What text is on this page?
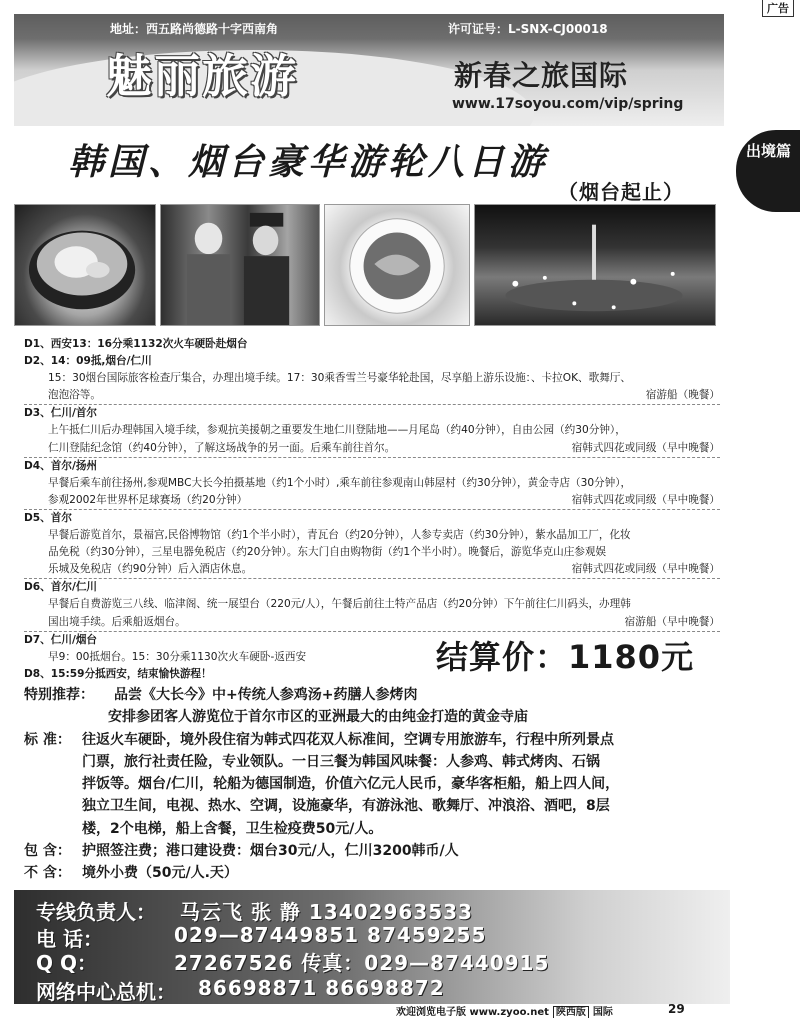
广告
地址：西五路尚德路十字西南角	许可证号：L-SNX-CJ00018
魅丽旅游	新春之旅国际
www.17soyou.com/vip/spring
出境篇
韩国、烟台豪华游轮八日游
（烟台起止）
D1、西安13：16分乘1132次火车硬卧赴烟台
D2、14：09抵,烟台/仁川
15：30烟台国际旅客检查厅集合，办理出境手续。17：30乘香雪兰号豪华轮赴国，尽享船上游乐设施：、卡拉OK、歌舞厅、
泡泡浴等。	宿游船（晚餐）
D3、仁川/首尔
上午抵仁川后办理韩国入境手续，参观抗美援朝之重要发生地仁川登陆地——月尾岛（约40分钟），自由公园（约30分钟），
仁川登陆纪念馆（约40分钟），了解这场战争的另一面。后乘车前往首尔。	宿韩式四花或同级（早中晚餐）
D4、首尔/扬州
早餐后乘车前往扬州,参观MBC大长今拍摄基地（约1个小时）,乘车前往参观南山韩屋村（约30分钟），黄金寺店（30分钟），
参观2002年世界杯足球赛场（约20分钟）	宿韩式四花或同级（早中晚餐）
D5、首尔
早餐后游览首尔，景福宫,民俗博物馆（约1个半小时），青瓦台（约20分钟），人参专卖店（约30分钟），紫水晶加工厂，化妆
品免税（约30分钟），三星电器免税店（约20分钟）。东大门自由购物街（约1个半小时）。晚餐后，游览华克山庄参观娱
乐城及免税店（约90分钟）后入酒店休息。	宿韩式四花或同级（早中晚餐）
D6、首尔/仁川
早餐后自费游览三八线、临津阁、统一展望台（220元/人），午餐后前往土特产品店（约20分钟）下午前往仁川码头，办理韩
国出境手续。后乘船返烟台。	宿游船（早中晚餐）
D7、仁川/烟台
早9：00抵烟台。15：30分乘1130次火车硬卧-返西安
D8、15:59分抵西安，结束愉快游程！	结算价：1180元
特别推荐：	品尝《大长今》中+传统人参鸡汤+药膳人参烤肉
安排参团客人游览位于首尔市区的亚洲最大的由纯金打造的黄金寺庙
标 准： 往返火车硬卧，境外段住宿为韩式四花双人标准间，空调专用旅游车，行程中所列景点
门票，旅行社责任险，专业领队。一日三餐为韩国风味餐：人参鸡、韩式烤肉、石锅
拌饭等。烟台/仁川，轮船为德国制造，价值六亿元人民币，豪华客柜船，船上四人间，
独立卫生间，电视、热水、空调，设施豪华，有游泳池、歌舞厅、冲浪浴、酒吧，8层
楼，2个电梯，船上含餐，卫生检疫费50元/人。
包 含： 护照签注费；港口建设费：烟台30元/人，仁川3200韩币/人
不 含： 境外小费（50元/人.天）
专线负责人： 马云飞 张 静 13402963533
电 话：	029—87449851 87459255
Q Q：	27267526 传真：029—87440915
网络中心总机： 86698871 86698872
欢迎浏览电子版 www.zyoo.net 陕西版 国际	29
